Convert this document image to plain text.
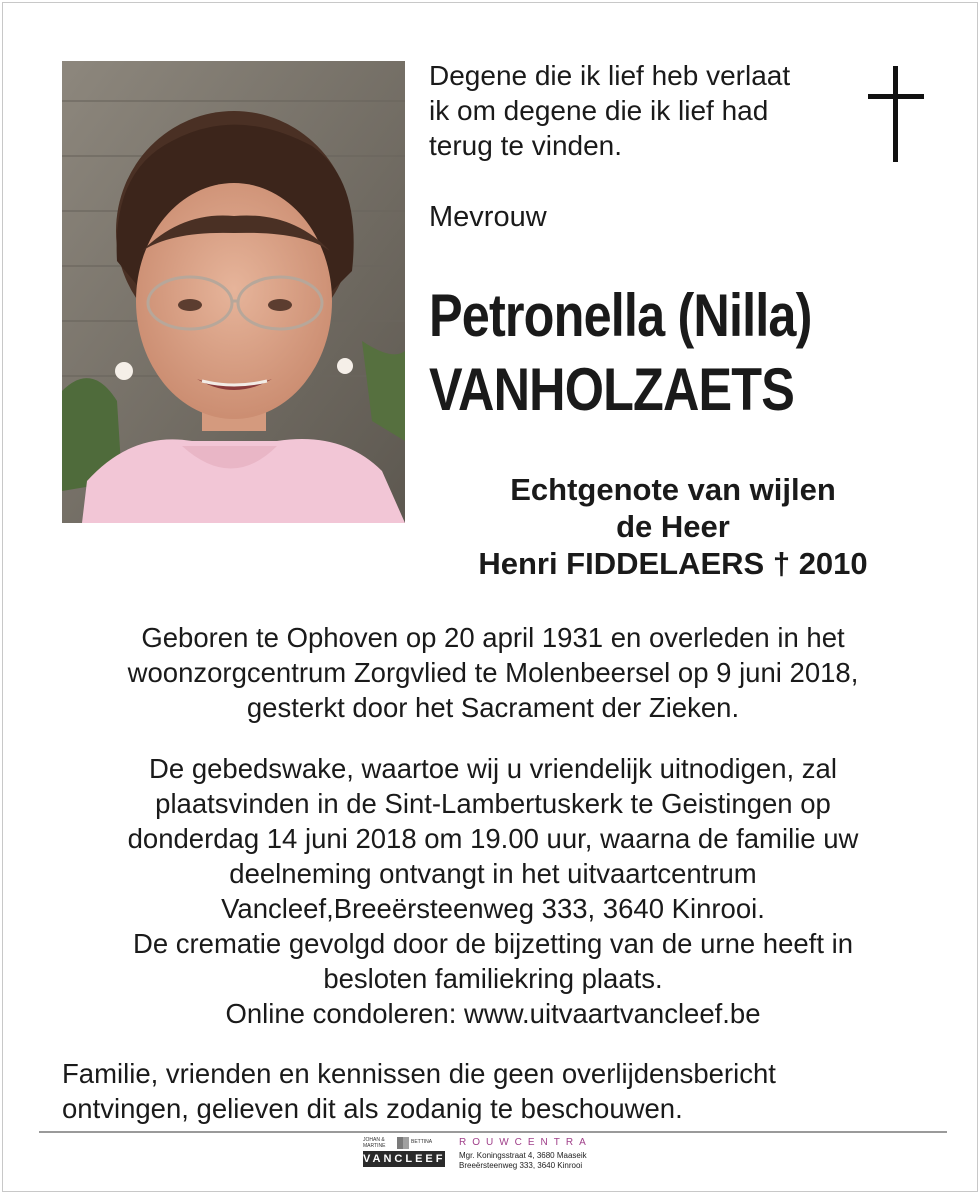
Degene die ik lief heb verlaat
ik om degene die ik lief had
terug te vinden.
Mevrouw
Petronella (Nilla)
VANHOLZAETS
Echtgenote van wijlen
de Heer
Henri FIDDELAERS † 2010
Geboren te Ophoven op 20 april 1931 en overleden in het
woonzorgcentrum Zorgvlied te Molenbeersel op 9 juni 2018,
gesterkt door het Sacrament der Zieken.
De gebedswake, waartoe wij u vriendelijk uitnodigen, zal
plaatsvinden in de Sint-Lambertuskerk te Geistingen op
donderdag 14 juni 2018 om 19.00 uur, waarna de familie uw
deelneming ontvangt in het uitvaartcentrum
Vancleef,Breeërsteenweg 333, 3640 Kinrooi.
De crematie gevolgd door de bijzetting van de urne heeft in
besloten familiekring plaats.
Online condoleren: www.uitvaartvancleef.be
Familie, vrienden en kennissen die geen overlijdensbericht
ontvingen, gelieven dit als zodanig te beschouwen.
JOHAN & MARTINE
BETTINA
VANCLEEF
ROUWCENTRA
Mgr. Koningsstraat 4, 3680 Maaseik
Breeërsteenweg 333, 3640 Kinrooi
